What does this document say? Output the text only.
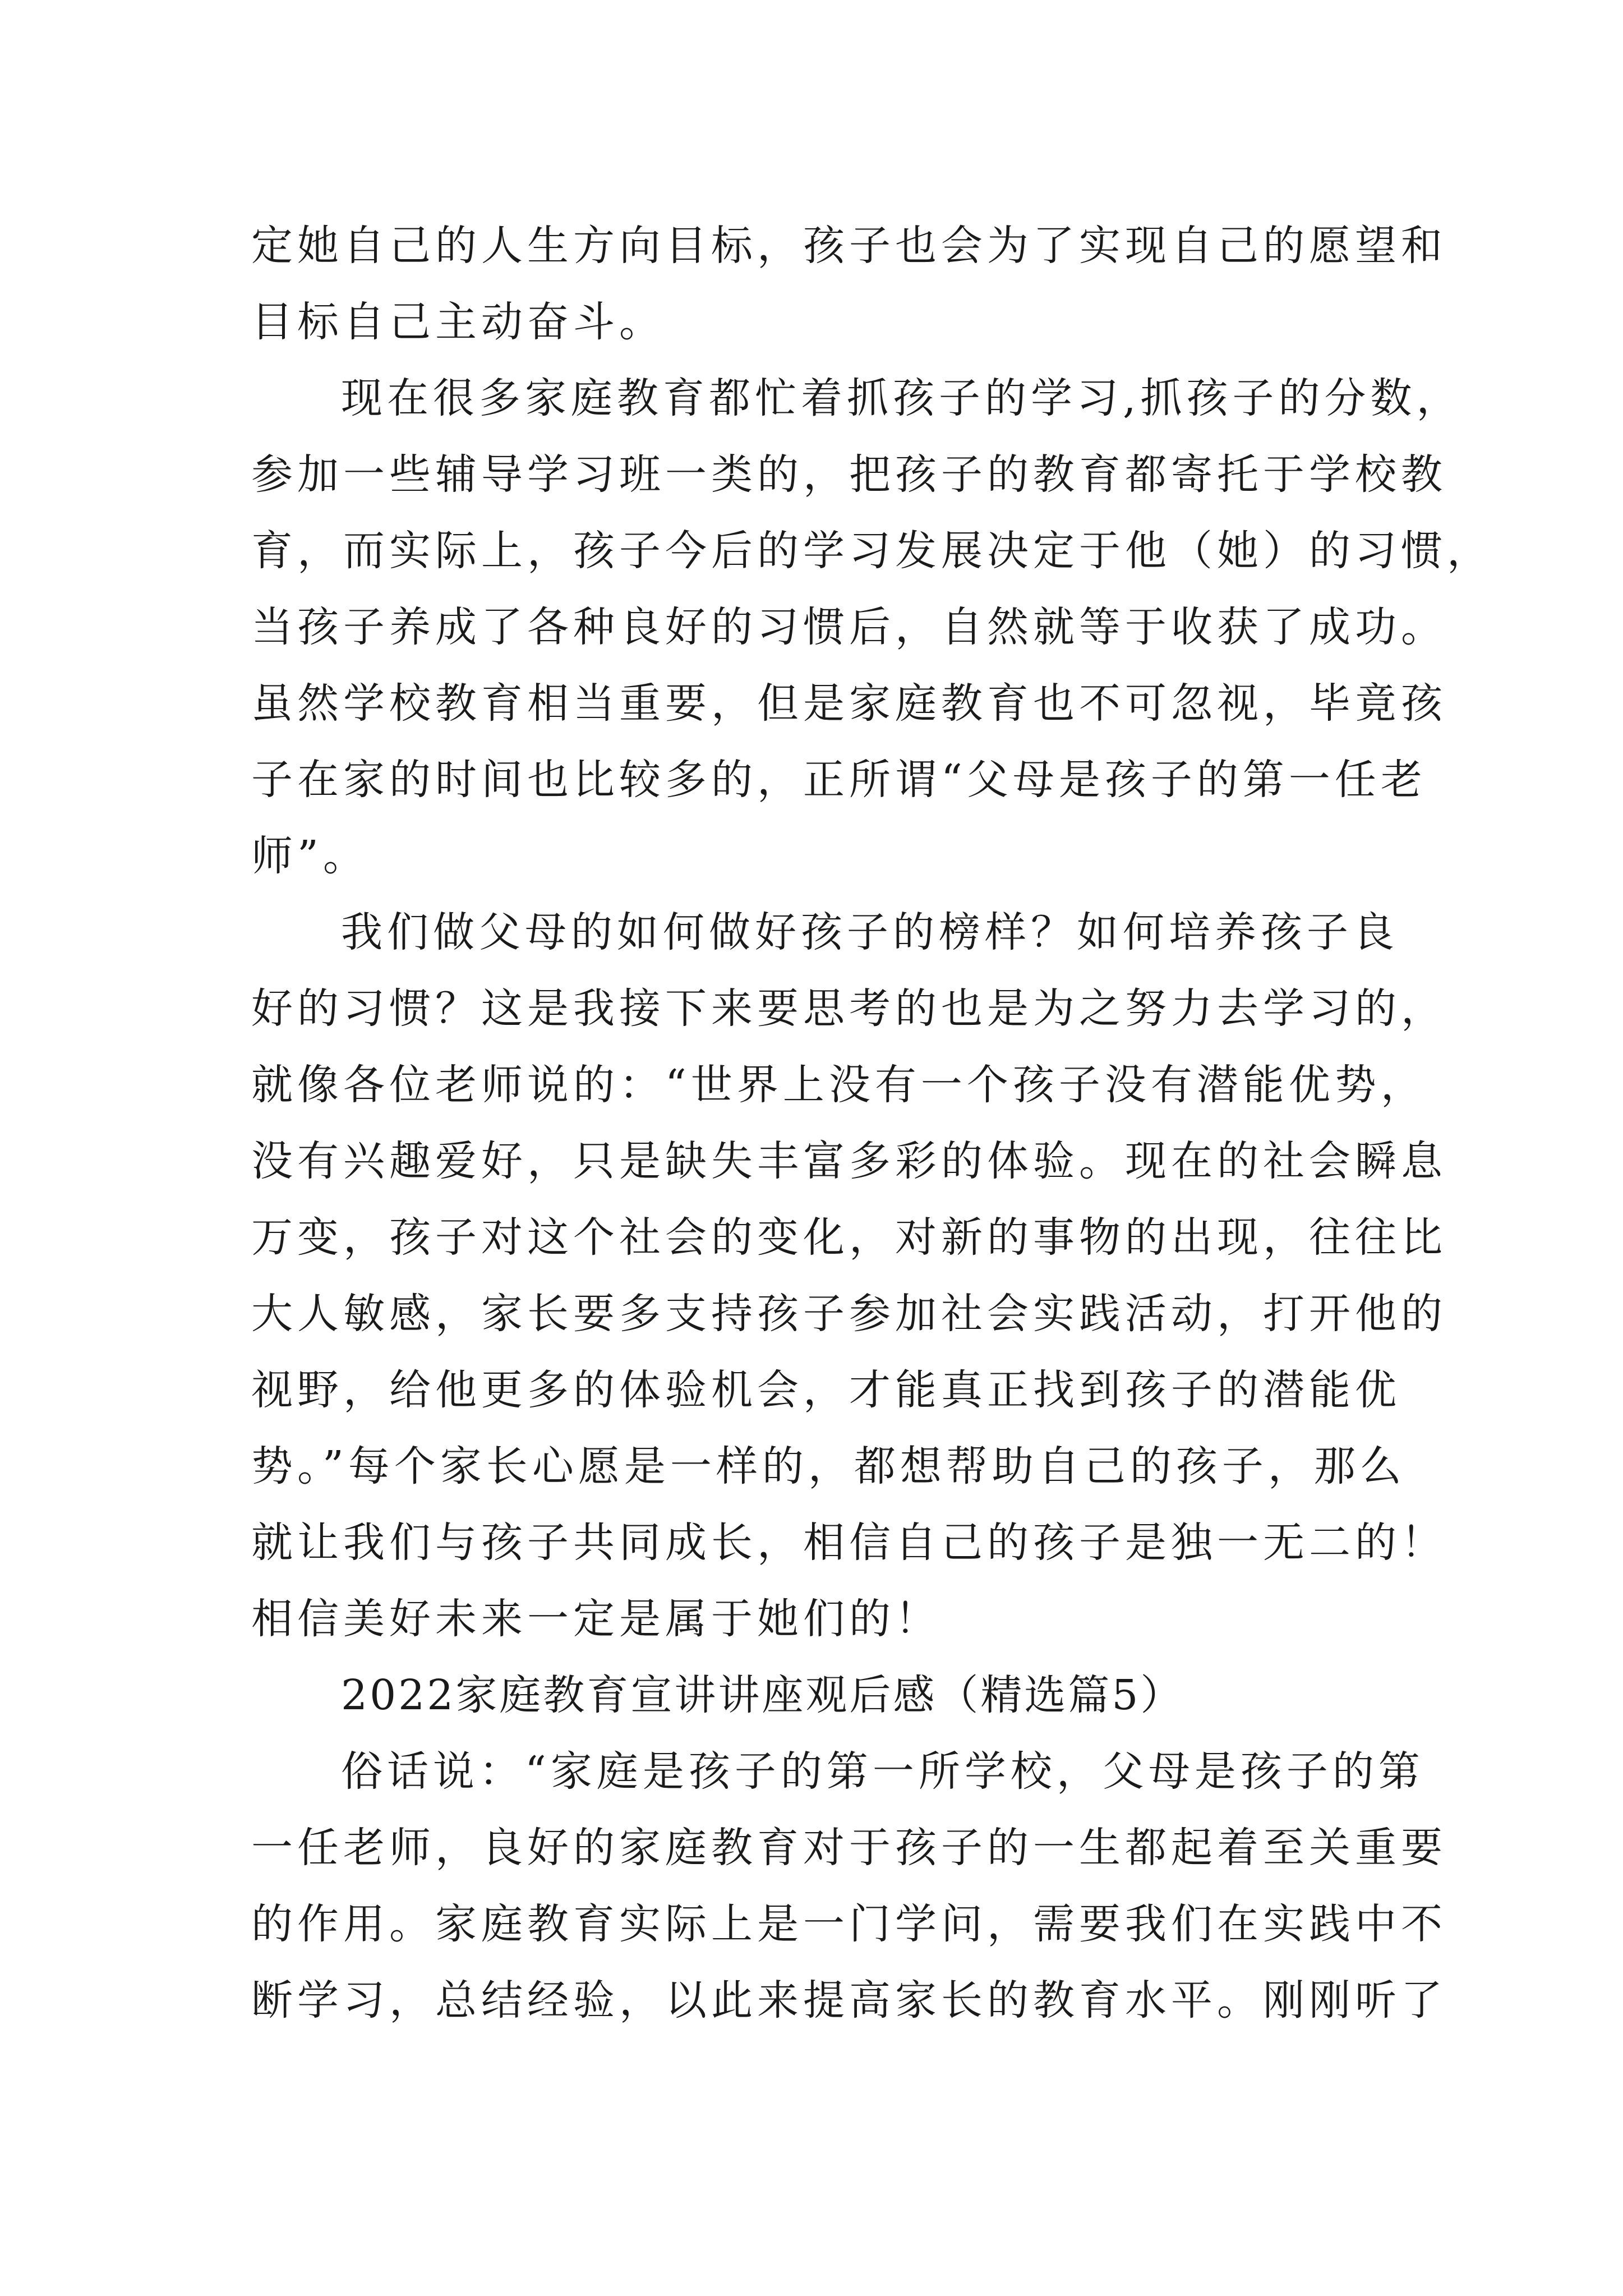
定她自己的人生方向目标，孩子也会为了实现自己的愿望和
目标自己主动奋斗。
现在很多家庭教育都忙着抓孩子的学习,抓孩子的分数，
参加一些辅导学习班一类的，把孩子的教育都寄托于学校教
育，而实际上，孩子今后的学习发展决定于他（她）的习惯，
当孩子养成了各种良好的习惯后，自然就等于收获了成功。
虽然学校教育相当重要，但是家庭教育也不可忽视，毕竟孩
子在家的时间也比较多的，正所谓“父母是孩子的第一任老
师”。
我们做父母的如何做好孩子的榜样？如何培养孩子良
好的习惯？这是我接下来要思考的也是为之努力去学习的，
就像各位老师说的：“世界上没有一个孩子没有潜能优势，
没有兴趣爱好，只是缺失丰富多彩的体验。现在的社会瞬息
万变，孩子对这个社会的变化，对新的事物的出现，往往比
大人敏感，家长要多支持孩子参加社会实践活动，打开他的
视野，给他更多的体验机会，才能真正找到孩子的潜能优
势。”每个家长心愿是一样的，都想帮助自己的孩子，那么
就让我们与孩子共同成长，相信自己的孩子是独一无二的！
相信美好未来一定是属于她们的！
2022家庭教育宣讲讲座观后感（精选篇5）
俗话说：“家庭是孩子的第一所学校，父母是孩子的第
一任老师，良好的家庭教育对于孩子的一生都起着至关重要
的作用。家庭教育实际上是一门学问，需要我们在实践中不
断学习，总结经验，以此来提高家长的教育水平。刚刚听了
